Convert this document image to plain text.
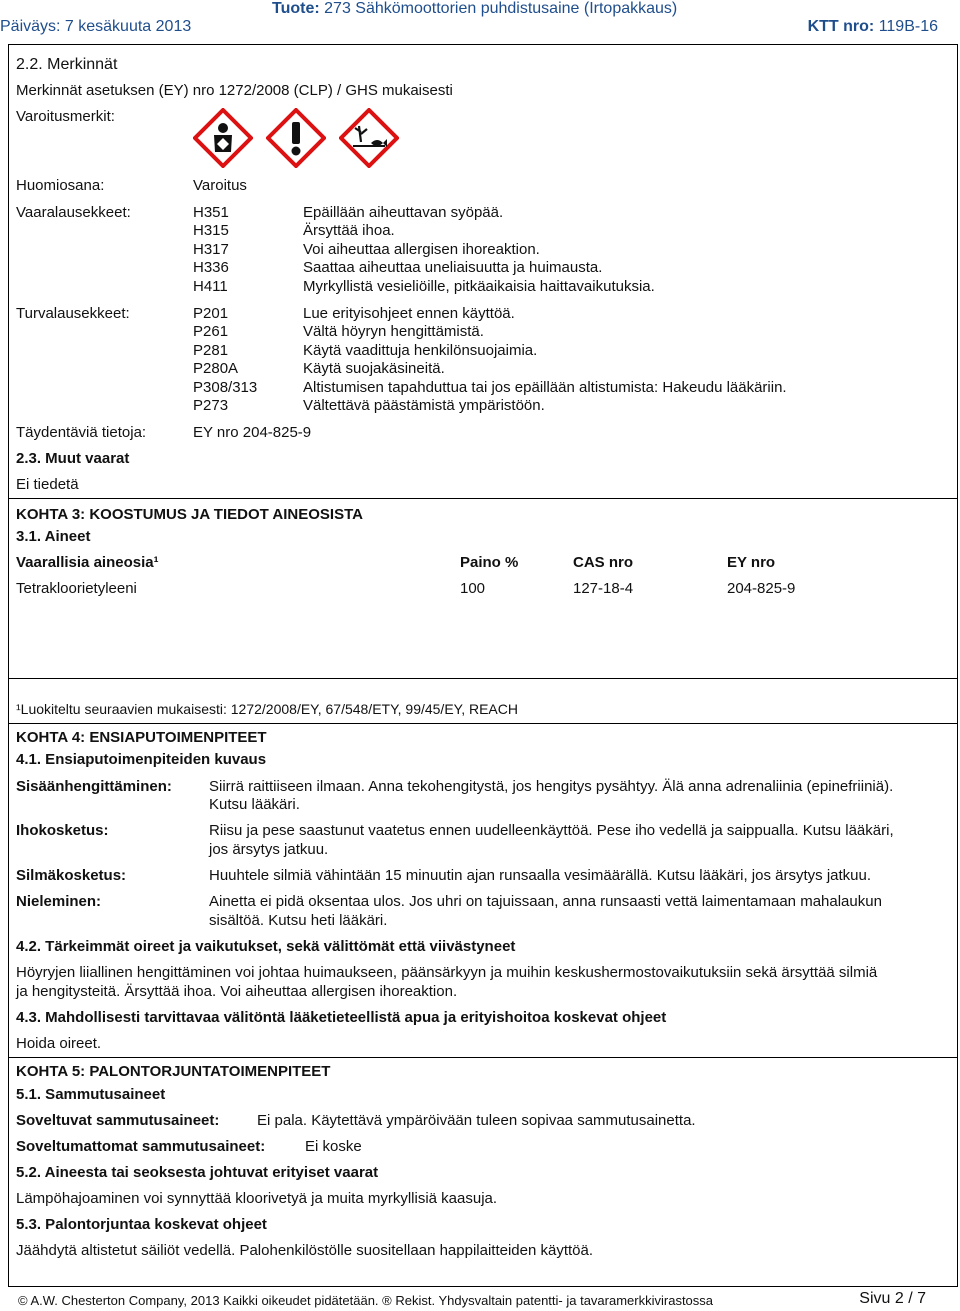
Tuote: 273 Sähkömoottorien puhdistusaine (Irtopakkaus)
Päiväys: 7 kesäkuuta 2013	KTT nro: 119B-16
2.2. Merkinnät
Merkinnät asetuksen (EY) nro 1272/2008 (CLP) / GHS mukaisesti
Varoitusmerkit:
Huomiosana:	Varoitus
Vaaralausekkeet:	H351	Epäillään aiheuttavan syöpää.
H315	Ärsyttää ihoa.
H317	Voi aiheuttaa allergisen ihoreaktion.
H336	Saattaa aiheuttaa uneliaisuutta ja huimausta.
H411	Myrkyllistä vesieliöille, pitkäaikaisia haittavaikutuksia.
Turvalausekkeet:	P201	Lue erityisohjeet ennen käyttöä.
P261	Vältä höyryn hengittämistä.
P281	Käytä vaadittuja henkilönsuojaimia.
P280A	Käytä suojakäsineitä.
P308/313	Altistumisen tapahduttua tai jos epäillään altistumista: Hakeudu lääkäriin.
P273	Vältettävä päästämistä ympäristöön.
Täydentäviä tietoja:	EY nro 204-825-9
2.3. Muut vaarat
Ei tiedetä
KOHTA 3: KOOSTUMUS JA TIEDOT AINEOSISTA
3.1. Aineet
Vaarallisia aineosia¹	Paino %	CAS nro	EY nro
Tetrakloorietyleeni	100	127-18-4	204-825-9
¹Luokiteltu seuraavien mukaisesti: 1272/2008/EY, 67/548/ETY, 99/45/EY, REACH
KOHTA 4: ENSIAPUTOIMENPITEET
4.1. Ensiaputoimenpiteiden kuvaus
Sisäänhengittäminen: Siirrä raittiiseen ilmaan. Anna tekohengitystä, jos hengitys pysähtyy. Älä anna adrenaliinia (epinefriiniä).
Kutsu lääkäri.
Ihokosketus:	Riisu ja pese saastunut vaatetus ennen uudelleenkäyttöä. Pese iho vedellä ja saippualla. Kutsu lääkäri,
jos ärsytys jatkuu.
Silmäkosketus:	Huuhtele silmiä vähintään 15 minuutin ajan runsaalla vesimäärällä. Kutsu lääkäri, jos ärsytys jatkuu.
Nieleminen:	Ainetta ei pidä oksentaa ulos. Jos uhri on tajuissaan, anna runsaasti vettä laimentamaan mahalaukun
sisältöä. Kutsu heti lääkäri.
4.2. Tärkeimmät oireet ja vaikutukset, sekä välittömät että viivästyneet
Höyryjen liiallinen hengittäminen voi johtaa huimaukseen, päänsärkyyn ja muihin keskushermostovaikutuksiin sekä ärsyttää silmiä
ja hengitysteitä. Ärsyttää ihoa. Voi aiheuttaa allergisen ihoreaktion.
4.3. Mahdollisesti tarvittavaa välitöntä lääketieteellistä apua ja erityishoitoa koskevat ohjeet
Hoida oireet.
KOHTA 5: PALONTORJUNTATOIMENPITEET
5.1. Sammutusaineet
Soveltuvat sammutusaineet:	Ei pala. Käytettävä ympäröivään tuleen sopivaa sammutusainetta.
Soveltumattomat sammutusaineet:	Ei koske
5.2. Aineesta tai seoksesta johtuvat erityiset vaarat
Lämpöhajoaminen voi synnyttää kloorivetyä ja muita myrkyllisiä kaasuja.
5.3. Palontorjuntaa koskevat ohjeet
Jäähdytä altistetut säiliöt vedellä. Palohenkilöstölle suositellaan happilaitteiden käyttöä.
© A.W. Chesterton Company, 2013 Kaikki oikeudet pidätetään. ® Rekist. Yhdysvaltain patentti- ja tavaramerkkivirastossa	Sivu 2 / 7
